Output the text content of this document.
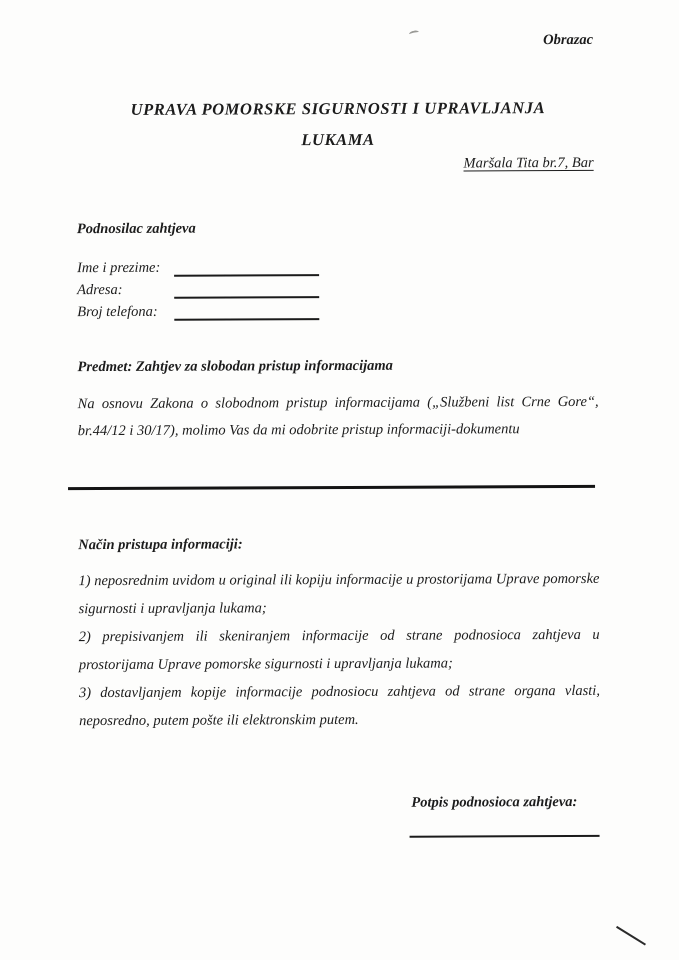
Obrazac
UPRAVA POMORSKE SIGURNOSTI I UPRAVLJANJA
LUKAMA
Maršala Tita br.7, Bar
Podnosilac zahtjeva
Ime i prezime:
Adresa:
Broj telefona:
Predmet: Zahtjev za slobodan pristup informacijama
Na osnovu Zakona o slobodnom pristup informacijama („Službeni list Crne Gore“, br.44/12 i 30/17), molimo Vas da mi odobrite pristup informaciji-dokumentu
Način pristupa informaciji:
1) neposrednim uvidom u original ili kopiju informacije u prostorijama Uprave pomorske sigurnosti i upravljanja lukama;
2) prepisivanjem ili skeniranjem informacije od strane podnosioca zahtjeva u prostorijama Uprave pomorske sigurnosti i upravljanja lukama;
3) dostavljanjem kopije informacije podnosiocu zahtjeva od strane organa vlasti, neposredno, putem pošte ili elektronskim putem.
Potpis podnosioca zahtjeva:
